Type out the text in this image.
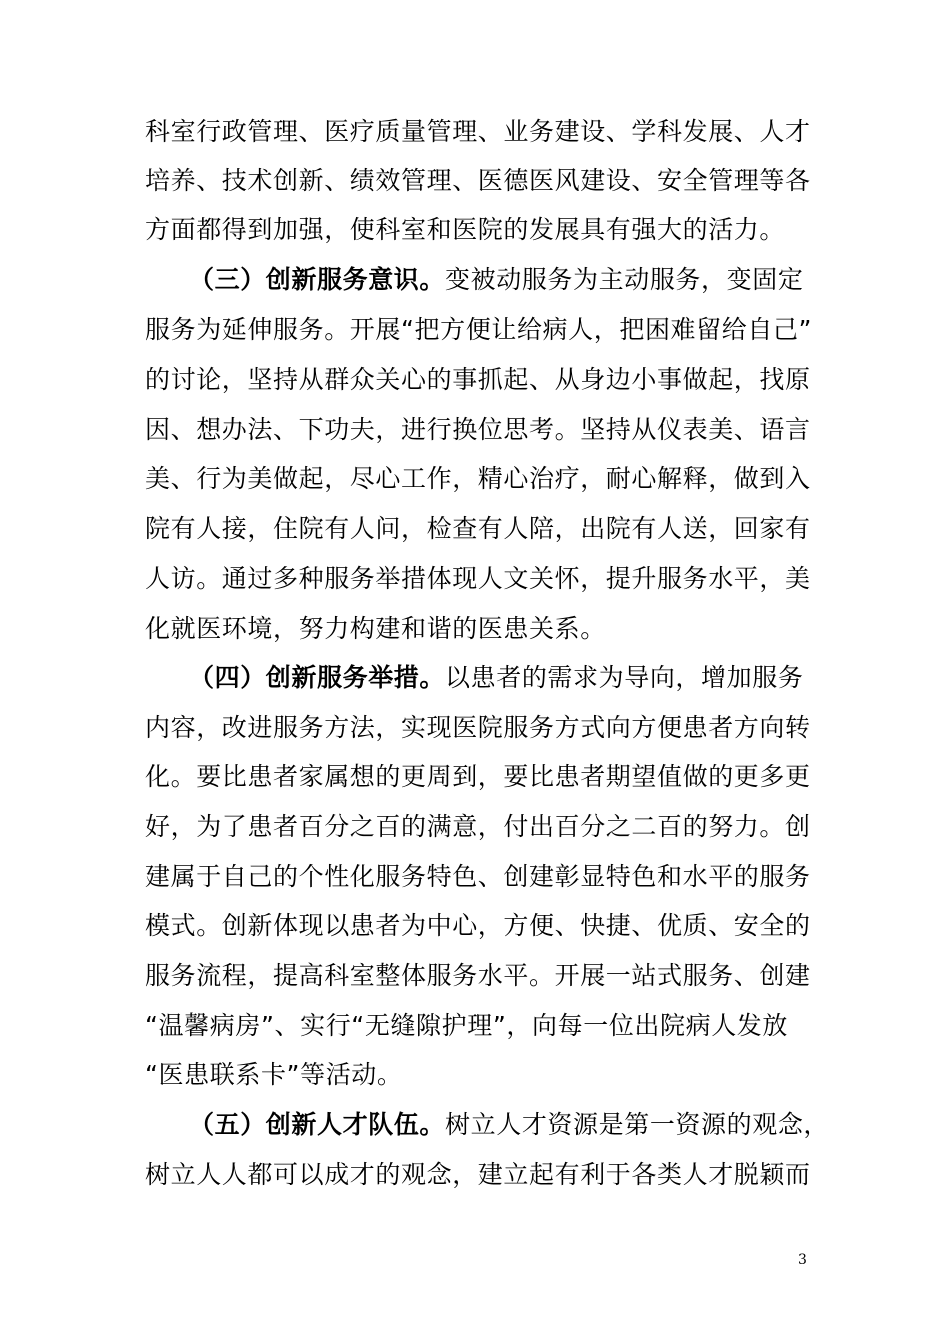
科室行政管理、医疗质量管理、业务建设、学科发展、人才
培养、技术创新、绩效管理、医德医风建设、安全管理等各
方面都得到加强，使科室和医院的发展具有强大的活力。
（三）创新服务意识。变被动服务为主动服务，变固定
服务为延伸服务。开展“把方便让给病人，把困难留给自己”
的讨论，坚持从群众关心的事抓起、从身边小事做起，找原
因、想办法、下功夫，进行换位思考。坚持从仪表美、语言
美、行为美做起，尽心工作，精心治疗，耐心解释，做到入
院有人接，住院有人问，检查有人陪，出院有人送，回家有
人访。通过多种服务举措体现人文关怀，提升服务水平，美
化就医环境，努力构建和谐的医患关系。
（四）创新服务举措。以患者的需求为导向，增加服务
内容，改进服务方法，实现医院服务方式向方便患者方向转
化。要比患者家属想的更周到，要比患者期望值做的更多更
好，为了患者百分之百的满意，付出百分之二百的努力。创
建属于自己的个性化服务特色、创建彰显特色和水平的服务
模式。创新体现以患者为中心，方便、快捷、优质、安全的
服务流程，提高科室整体服务水平。开展一站式服务、创建
“温馨病房”、实行“无缝隙护理”，向每一位出院病人发放
“医患联系卡”等活动。
（五）创新人才队伍。树立人才资源是第一资源的观念，
树立人人都可以成才的观念，建立起有利于各类人才脱颖而
3
